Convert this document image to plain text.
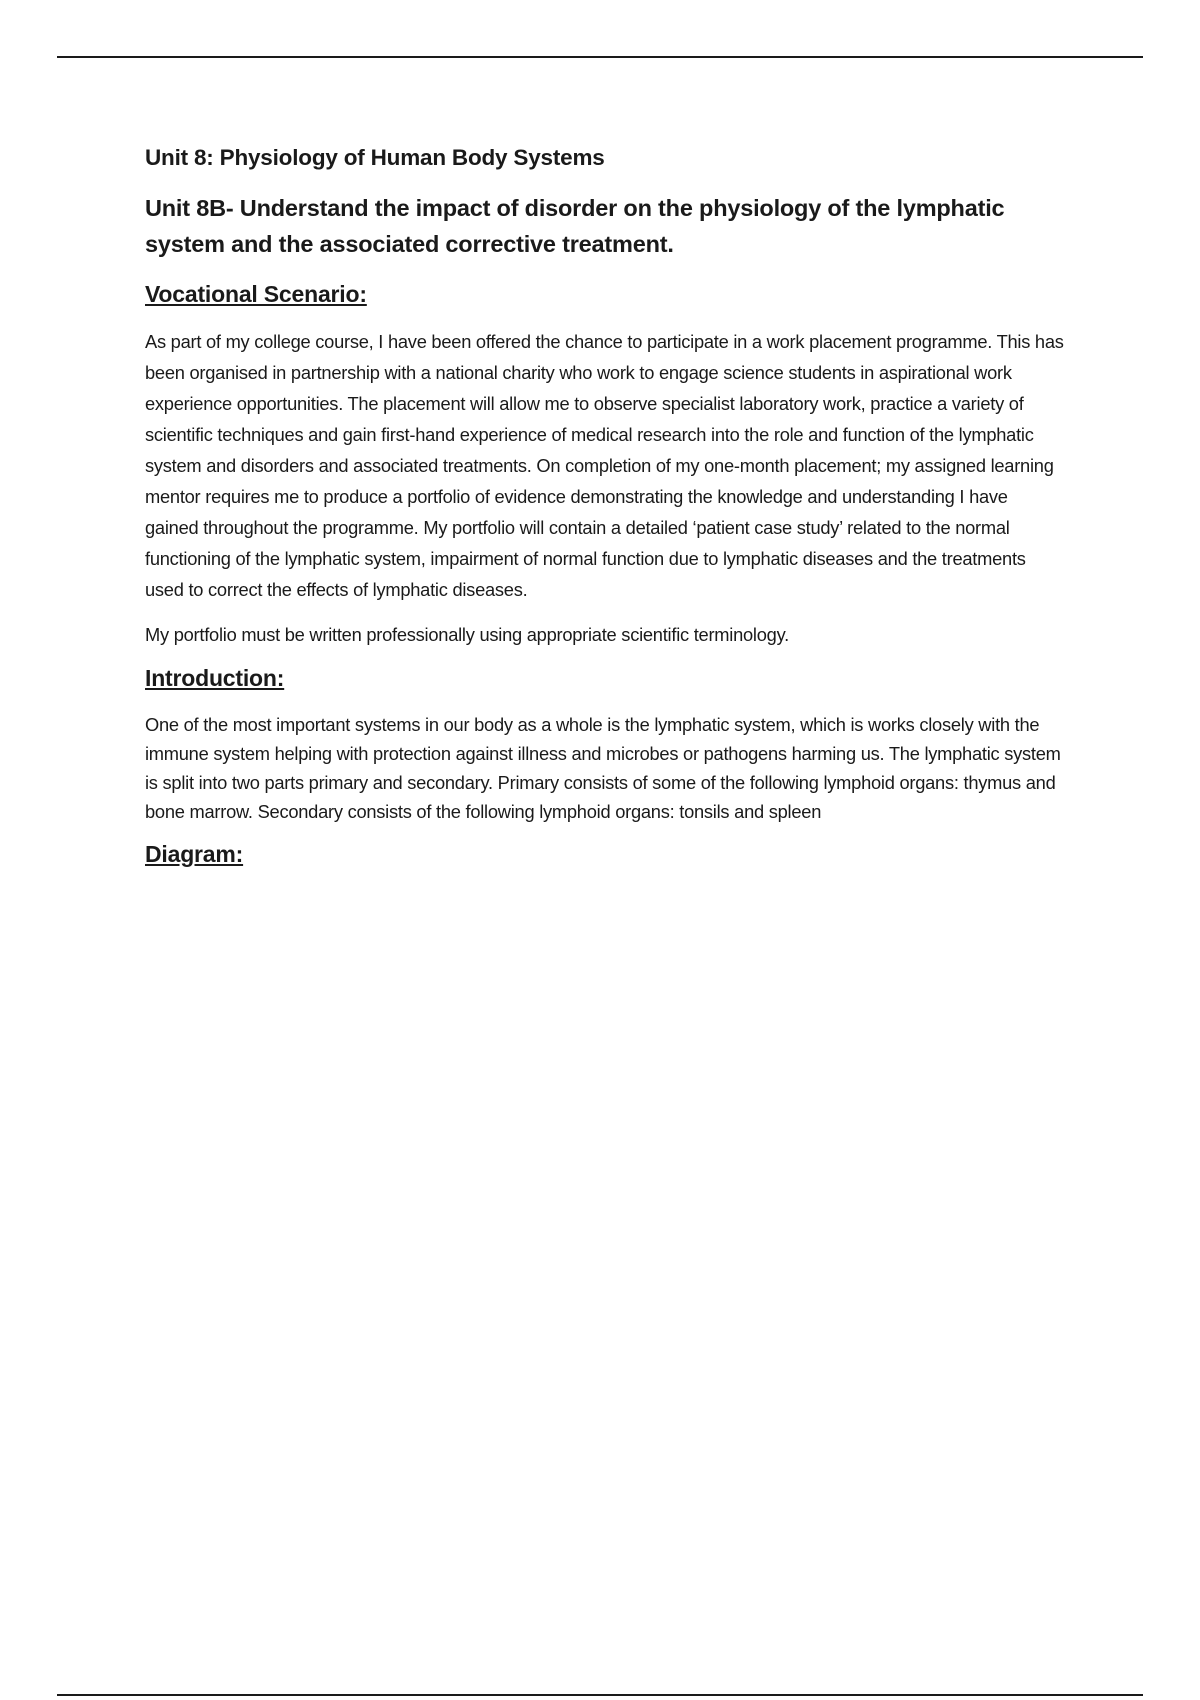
Unit 8: Physiology of Human Body Systems
Unit 8B- Understand the impact of disorder on the physiology of the lymphatic system and the associated corrective treatment.
Vocational Scenario:

As part of my college course, I have been offered the chance to participate in a work placement programme. This has been organised in partnership with a national charity who work to engage science students in aspirational work experience opportunities. The placement will allow me to observe specialist laboratory work, practice a variety of scientific techniques and gain first-hand experience of medical research into the role and function of the lymphatic system and disorders and associated treatments. On completion of my one-month placement; my assigned learning mentor requires me to produce a portfolio of evidence demonstrating the knowledge and understanding I have gained throughout the programme. My portfolio will contain a detailed ‘patient case study’ related to the normal functioning of the lymphatic system, impairment of normal function due to lymphatic diseases and the treatments used to correct the effects of lymphatic diseases.

My portfolio must be written professionally using appropriate scientific terminology.

Introduction:

One of the most important systems in our body as a whole is the lymphatic system, which is works closely with the immune system helping with protection against illness and microbes or pathogens harming us. The lymphatic system is split into two parts primary and secondary. Primary consists of some of the following lymphoid organs: thymus and bone marrow. Secondary consists of the following lymphoid organs: tonsils and spleen

Diagram:
